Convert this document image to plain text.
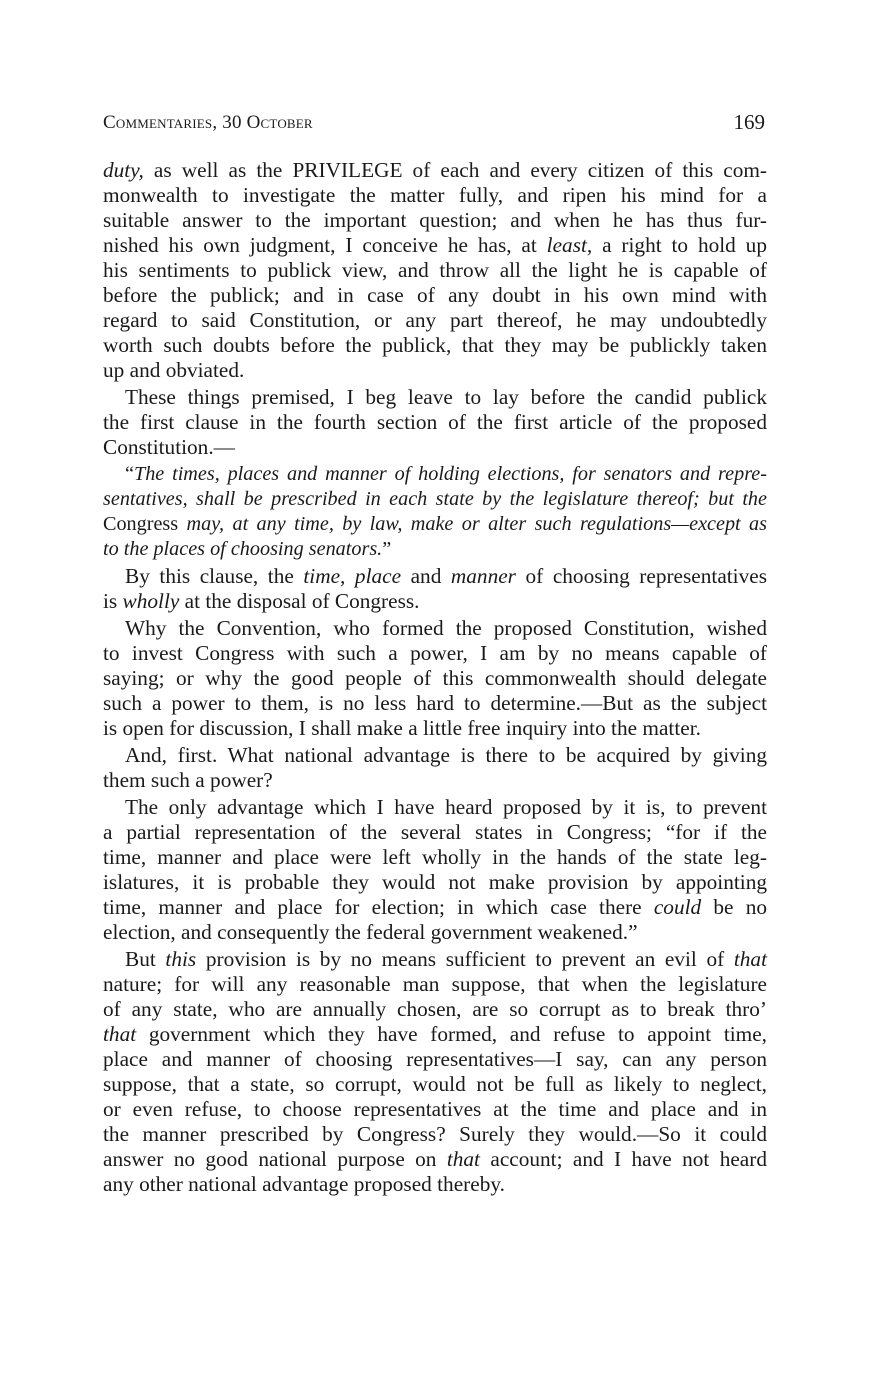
Commentaries, 30 October	169
duty, as well as the PRIVILEGE of each and every citizen of this com-
monwealth to investigate the matter fully, and ripen his mind for a
suitable answer to the important question; and when he has thus fur-
nished his own judgment, I conceive he has, at least, a right to hold up
his sentiments to publick view, and throw all the light he is capable of
before the publick; and in case of any doubt in his own mind with
regard to said Constitution, or any part thereof, he may undoubtedly
worth such doubts before the publick, that they may be publickly taken
up and obviated.
These things premised, I beg leave to lay before the candid publick
the first clause in the fourth section of the first article of the proposed
Constitution.—
“The times, places and manner of holding elections, for senators and repre-
sentatives, shall be prescribed in each state by the legislature thereof; but the
Congress may, at any time, by law, make or alter such regulations—except as
to the places of choosing senators.”
By this clause, the time, place and manner of choosing representatives
is wholly at the disposal of Congress.
Why the Convention, who formed the proposed Constitution, wished
to invest Congress with such a power, I am by no means capable of
saying; or why the good people of this commonwealth should delegate
such a power to them, is no less hard to determine.—But as the subject
is open for discussion, I shall make a little free inquiry into the matter.
And, first. What national advantage is there to be acquired by giving
them such a power?
The only advantage which I have heard proposed by it is, to prevent
a partial representation of the several states in Congress; “for if the
time, manner and place were left wholly in the hands of the state leg-
islatures, it is probable they would not make provision by appointing
time, manner and place for election; in which case there could be no
election, and consequently the federal government weakened.”
But this provision is by no means sufficient to prevent an evil of that
nature; for will any reasonable man suppose, that when the legislature
of any state, who are annually chosen, are so corrupt as to break thro’
that government which they have formed, and refuse to appoint time,
place and manner of choosing representatives—I say, can any person
suppose, that a state, so corrupt, would not be full as likely to neglect,
or even refuse, to choose representatives at the time and place and in
the manner prescribed by Congress? Surely they would.—So it could
answer no good national purpose on that account; and I have not heard
any other national advantage proposed thereby.
